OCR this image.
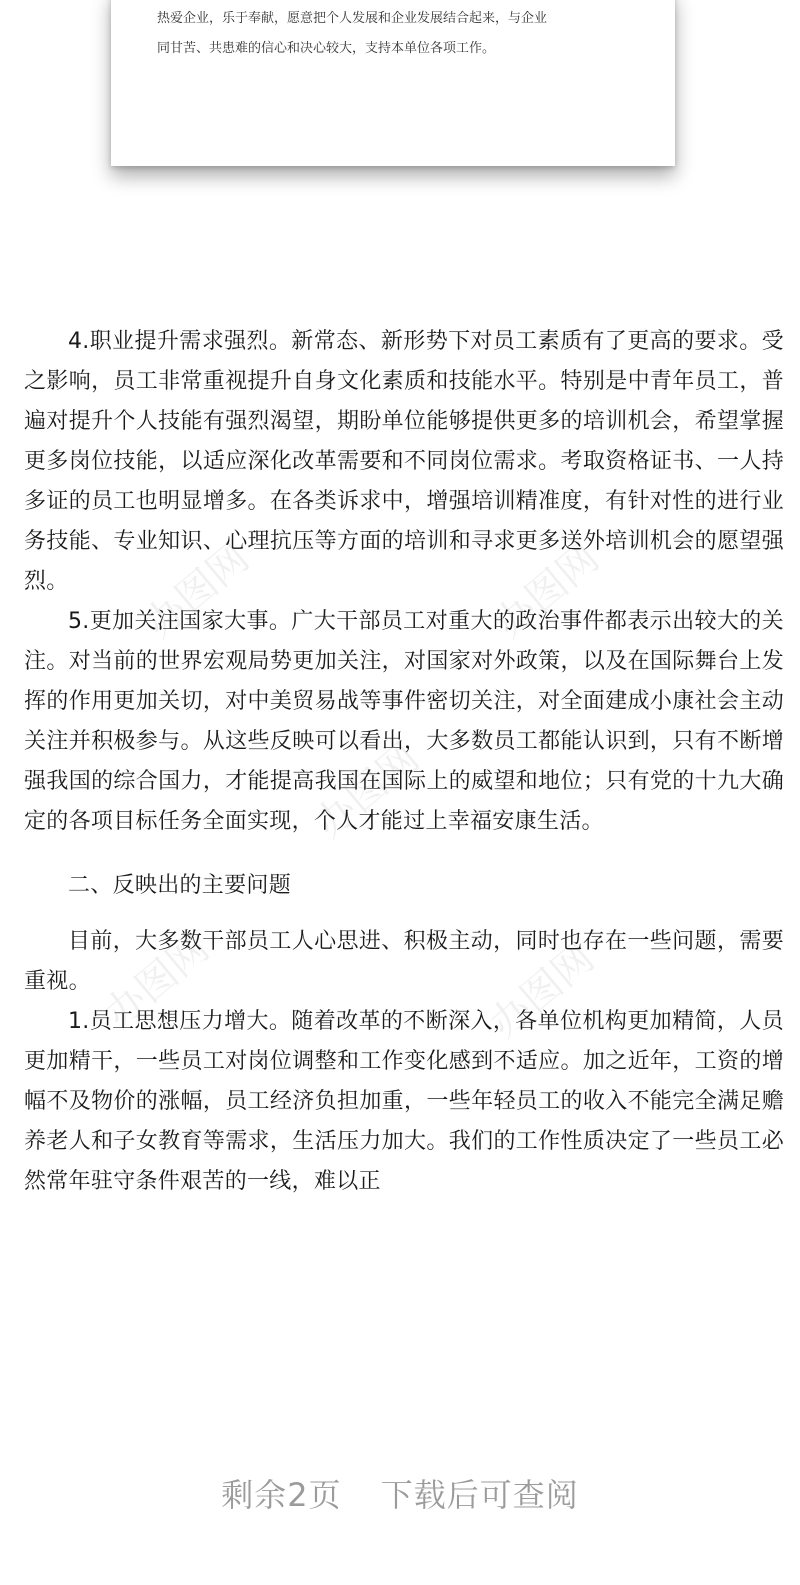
热爱企业，乐于奉献，愿意把个人发展和企业发展结合起来，与企业

同甘苦、共患难的信心和决心较大，支持本单位各项工作。

办图网	办图网
办图网
办图网	办图网

4.职业提升需求强烈。新常态、新形势下对员工素质有了更高的要求。受之影响，员工非常重视提升自身文化素质和技能水平。特别是中青年员工，普遍对提升个人技能有强烈渴望，期盼单位能够提供更多的培训机会，希望掌握更多岗位技能，以适应深化改革需要和不同岗位需求。考取资格证书、一人持多证的员工也明显增多。在各类诉求中，增强培训精准度，有针对性的进行业务技能、专业知识、心理抗压等方面的培训和寻求更多送外培训机会的愿望强烈。

5.更加关注国家大事。广大干部员工对重大的政治事件都表示出较大的关注。对当前的世界宏观局势更加关注，对国家对外政策，以及在国际舞台上发挥的作用更加关切，对中美贸易战等事件密切关注，对全面建成小康社会主动关注并积极参与。从这些反映可以看出，大多数员工都能认识到，只有不断增强我国的综合国力，才能提高我国在国际上的威望和地位；只有党的十九大确定的各项目标任务全面实现，个人才能过上幸福安康生活。

二、反映出的主要问题

目前，大多数干部员工人心思进、积极主动，同时也存在一些问题，需要重视。

1.员工思想压力增大。随着改革的不断深入，各单位机构更加精简，人员更加精干，一些员工对岗位调整和工作变化感到不适应。加之近年，工资的增幅不及物价的涨幅，员工经济负担加重，一些年轻员工的收入不能完全满足赡养老人和子女教育等需求，生活压力加大。我们的工作性质决定了一些员工必然常年驻守条件艰苦的一线，难以正

剩余2页 下载后可查阅
